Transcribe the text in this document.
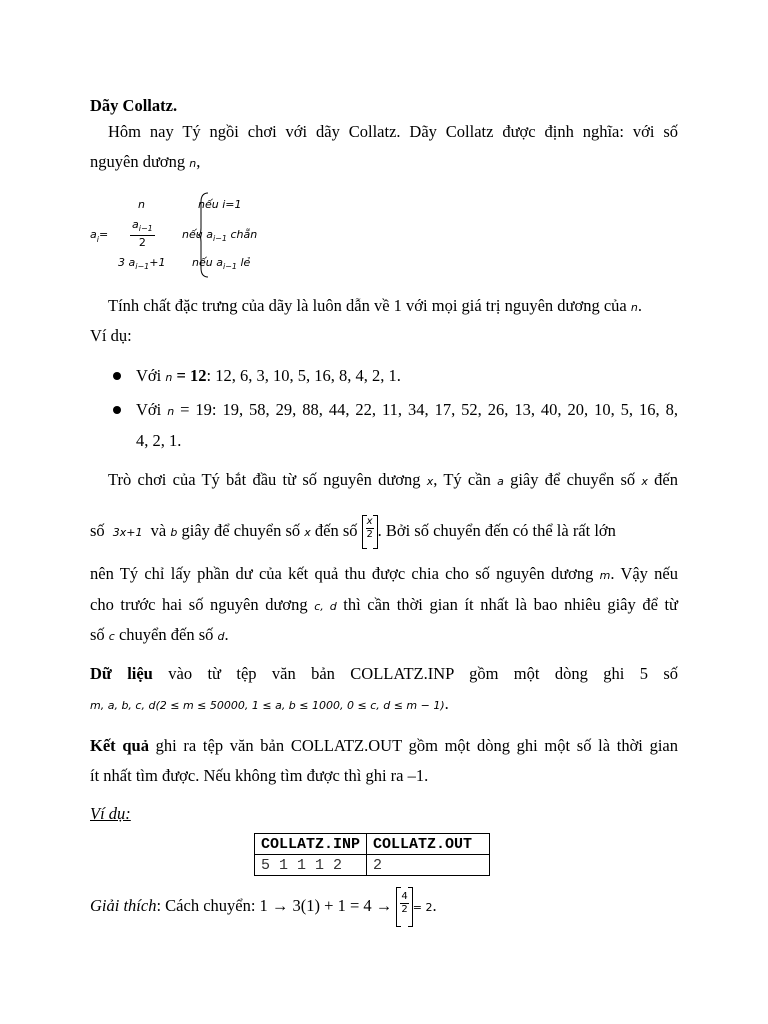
Dãy Collatz.
Hôm nay Tý ngồi chơi với dãy Collatz. Dãy Collatz được định nghĩa: với số
nguyên dương n,
$a_i=$
n	nếu i=1
$a_{i-1}$
2
nếu $a_{i-1}$ chẵn
3 $a_{i-1}+1$ nếu $a_{i-1}$ lẻ
Tính chất đặc trưng của dãy là luôn dẫn về 1 với mọi giá trị nguyên dương của n.
Ví dụ:
Với n = 12: 12, 6, 3, 10, 5, 16, 8, 4, 2, 1.
Với n = 19: 19, 58, 29, 88, 44, 22, 11, 34, 17, 52, 26, 13, 40, 20, 10, 5, 16, 8,
4, 2, 1.
Trò chơi của Tý bắt đầu từ số nguyên dương x, Tý cần a giây để chuyển số x đến
số 3x+1 và b giây để chuyển số x đến số $\frac{x}{2}$ . Bởi số chuyển đến có thể là rất lớn
nên Tý chỉ lấy phần dư của kết quả thu được chia cho số nguyên dương m. Vậy nếu
cho trước hai số nguyên dương c, d thì cần thời gian ít nhất là bao nhiêu giây để từ
số c chuyển đến số d.
Dữ liệu vào từ tệp văn bản COLLATZ.INP gồm một dòng ghi 5 số
m, a, b, c, d(2 ≤ m ≤ 50000, 1 ≤ a, b ≤ 1000, 0 ≤ c, d ≤ m − 1).
Kết quả ghi ra tệp văn bản COLLATZ.OUT gồm một dòng ghi một số là thời gian
ít nhất tìm được. Nếu không tìm được thì ghi ra –1.
Ví dụ:
COLLATZ.INP	COLLATZ.OUT
5 1 1 1 2	2
Giải thích: Cách chuyển: $1 \to 3(1) + 1 = 4 \to \frac{4}{2} = 2$.
